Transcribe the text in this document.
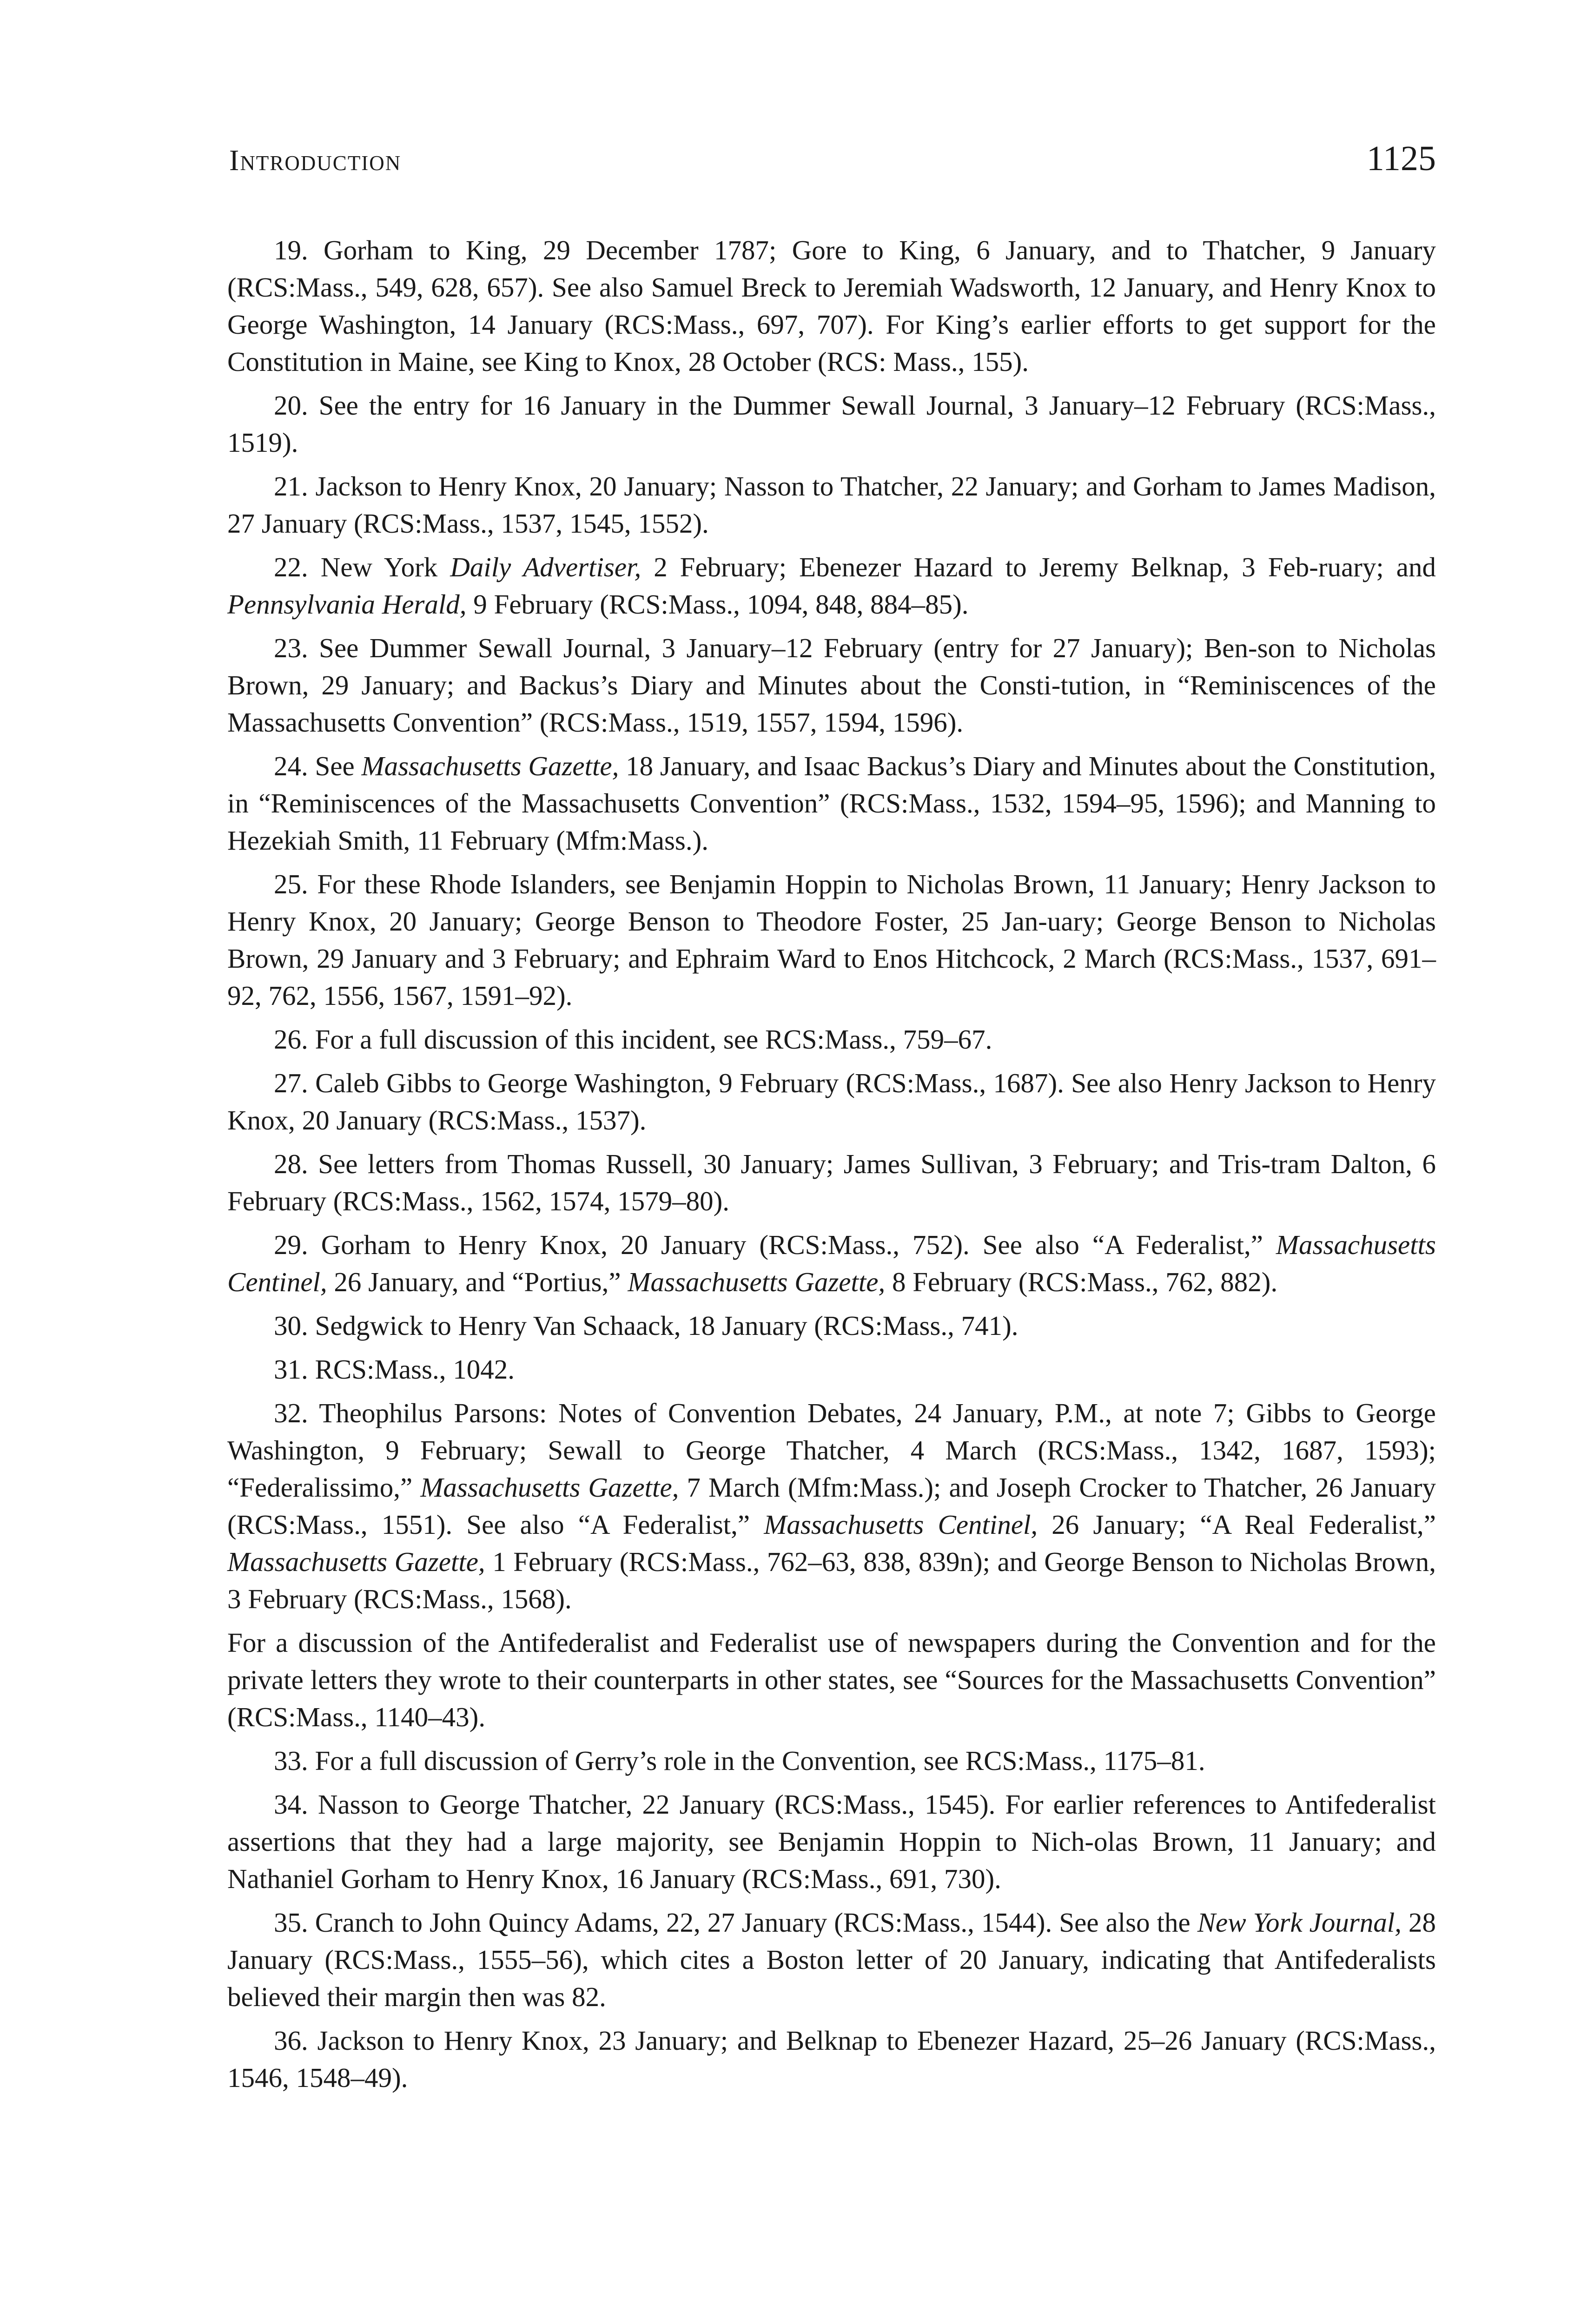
Introduction	1125

19. Gorham to King, 29 December 1787; Gore to King, 6 January, and to Thatcher, 9 January (RCS:Mass., 549, 628, 657). See also Samuel Breck to Jeremiah Wadsworth, 12 January, and Henry Knox to George Washington, 14 January (RCS:Mass., 697, 707). For King’s earlier efforts to get support for the Constitution in Maine, see King to Knox, 28 October (RCS: Mass., 155).

20. See the entry for 16 January in the Dummer Sewall Journal, 3 January–12 February (RCS:Mass., 1519).

21. Jackson to Henry Knox, 20 January; Nasson to Thatcher, 22 January; and Gorham to James Madison, 27 January (RCS:Mass., 1537, 1545, 1552).

22. New York Daily Advertiser, 2 February; Ebenezer Hazard to Jeremy Belknap, 3 Feb-ruary; and Pennsylvania Herald, 9 February (RCS:Mass., 1094, 848, 884–85).

23. See Dummer Sewall Journal, 3 January–12 February (entry for 27 January); Ben-son to Nicholas Brown, 29 January; and Backus’s Diary and Minutes about the Consti-tution, in “Reminiscences of the Massachusetts Convention” (RCS:Mass., 1519, 1557, 1594, 1596).

24. See Massachusetts Gazette, 18 January, and Isaac Backus’s Diary and Minutes about the Constitution, in “Reminiscences of the Massachusetts Convention” (RCS:Mass., 1532, 1594–95, 1596); and Manning to Hezekiah Smith, 11 February (Mfm:Mass.).

25. For these Rhode Islanders, see Benjamin Hoppin to Nicholas Brown, 11 January; Henry Jackson to Henry Knox, 20 January; George Benson to Theodore Foster, 25 Jan-uary; George Benson to Nicholas Brown, 29 January and 3 February; and Ephraim Ward to Enos Hitchcock, 2 March (RCS:Mass., 1537, 691–92, 762, 1556, 1567, 1591–92).

26. For a full discussion of this incident, see RCS:Mass., 759–67.

27. Caleb Gibbs to George Washington, 9 February (RCS:Mass., 1687). See also Henry Jackson to Henry Knox, 20 January (RCS:Mass., 1537).

28. See letters from Thomas Russell, 30 January; James Sullivan, 3 February; and Tris-tram Dalton, 6 February (RCS:Mass., 1562, 1574, 1579–80).

29. Gorham to Henry Knox, 20 January (RCS:Mass., 752). See also “A Federalist,” Massachusetts Centinel, 26 January, and “Portius,” Massachusetts Gazette, 8 February (RCS:Mass., 762, 882).

30. Sedgwick to Henry Van Schaack, 18 January (RCS:Mass., 741).

31. RCS:Mass., 1042.

32. Theophilus Parsons: Notes of Convention Debates, 24 January, P.M., at note 7; Gibbs to George Washington, 9 February; Sewall to George Thatcher, 4 March (RCS:Mass., 1342, 1687, 1593); “Federalissimo,” Massachusetts Gazette, 7 March (Mfm:Mass.); and Joseph Crocker to Thatcher, 26 January (RCS:Mass., 1551). See also “A Federalist,” Massachusetts Centinel, 26 January; “A Real Federalist,” Massachusetts Gazette, 1 February (RCS:Mass., 762–63, 838, 839n); and George Benson to Nicholas Brown, 3 February (RCS:Mass., 1568).

For a discussion of the Antifederalist and Federalist use of newspapers during the Convention and for the private letters they wrote to their counterparts in other states, see “Sources for the Massachusetts Convention” (RCS:Mass., 1140–43).

33. For a full discussion of Gerry’s role in the Convention, see RCS:Mass., 1175–81.

34. Nasson to George Thatcher, 22 January (RCS:Mass., 1545). For earlier references to Antifederalist assertions that they had a large majority, see Benjamin Hoppin to Nich-olas Brown, 11 January; and Nathaniel Gorham to Henry Knox, 16 January (RCS:Mass., 691, 730).

35. Cranch to John Quincy Adams, 22, 27 January (RCS:Mass., 1544). See also the New York Journal, 28 January (RCS:Mass., 1555–56), which cites a Boston letter of 20 January, indicating that Antifederalists believed their margin then was 82.

36. Jackson to Henry Knox, 23 January; and Belknap to Ebenezer Hazard, 25–26 January (RCS:Mass., 1546, 1548–49).
